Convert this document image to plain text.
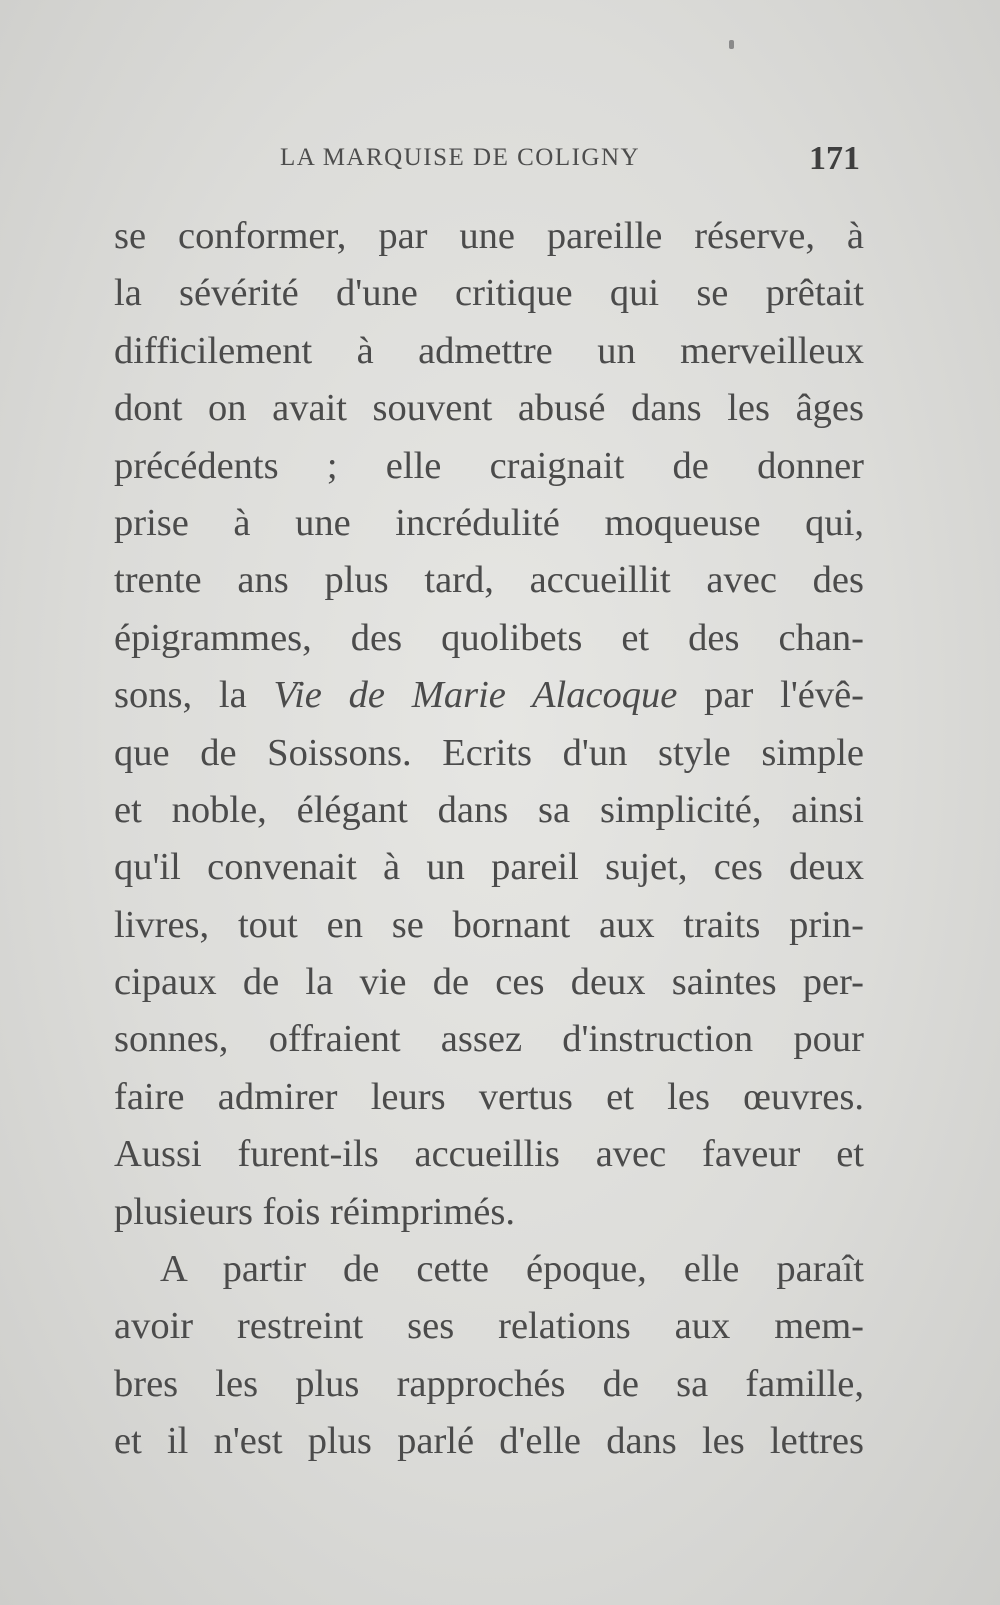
LA MARQUISE DE COLIGNY	171
se conformer, par une pareille réserve, à
la sévérité d'une critique qui se prêtait
difficilement à admettre un merveilleux
dont on avait souvent abusé dans les âges
précédents ; elle craignait de donner
prise à une incrédulité moqueuse qui,
trente ans plus tard, accueillit avec des
épigrammes, des quolibets et des chan-
sons, la Vie de Marie Alacoque par l'évê-
que de Soissons. Ecrits d'un style simple
et noble, élégant dans sa simplicité, ainsi
qu'il convenait à un pareil sujet, ces deux
livres, tout en se bornant aux traits prin-
cipaux de la vie de ces deux saintes per-
sonnes, offraient assez d'instruction pour
faire admirer leurs vertus et les œuvres.
Aussi furent-ils accueillis avec faveur et
plusieurs fois réimprimés.
A partir de cette époque, elle paraît
avoir restreint ses relations aux mem-
bres les plus rapprochés de sa famille,
et il n'est plus parlé d'elle dans les lettres
